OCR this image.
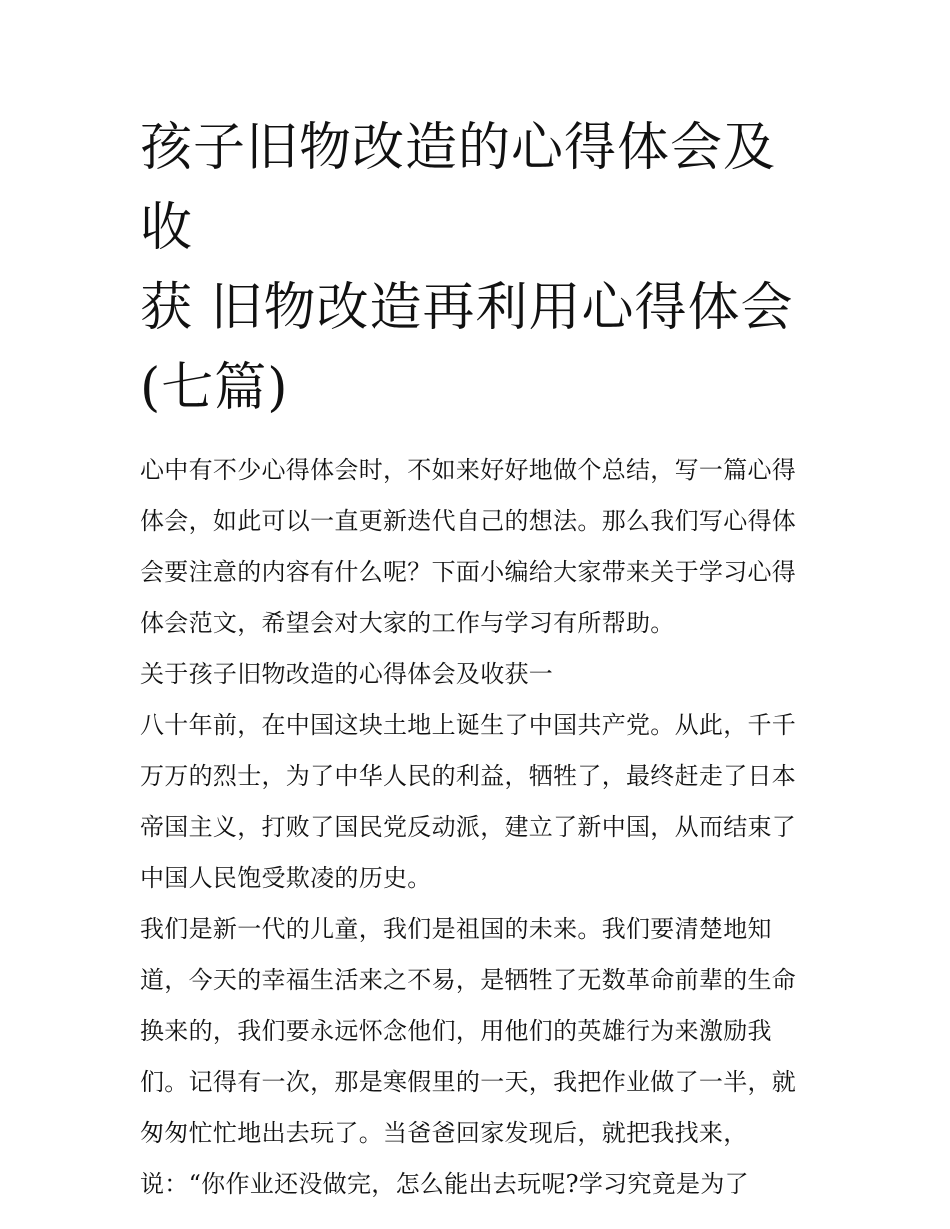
孩子旧物改造的心得体会及收
获 旧物改造再利用心得体会
(七篇)

心中有不少心得体会时，不如来好好地做个总结，写一篇心得
体会，如此可以一直更新迭代自己的想法。那么我们写心得体
会要注意的内容有什么呢？下面小编给大家带来关于学习心得
体会范文，希望会对大家的工作与学习有所帮助。

关于孩子旧物改造的心得体会及收获一

八十年前，在中国这块土地上诞生了中国共产党。从此，千千
万万的烈士，为了中华人民的利益，牺牲了，最终赶走了日本
帝国主义，打败了国民党反动派，建立了新中国，从而结束了
中国人民饱受欺凌的历史。

我们是新一代的儿童，我们是祖国的未来。我们要清楚地知
道，今天的幸福生活来之不易，是牺牲了无数革命前辈的生命
换来的，我们要永远怀念他们，用他们的英雄行为来激励我
们。记得有一次，那是寒假里的一天，我把作业做了一半，就
匆匆忙忙地出去玩了。当爸爸回家发现后，就把我找来，
说：“你作业还没做完，怎么能出去玩呢?学习究竟是为了
